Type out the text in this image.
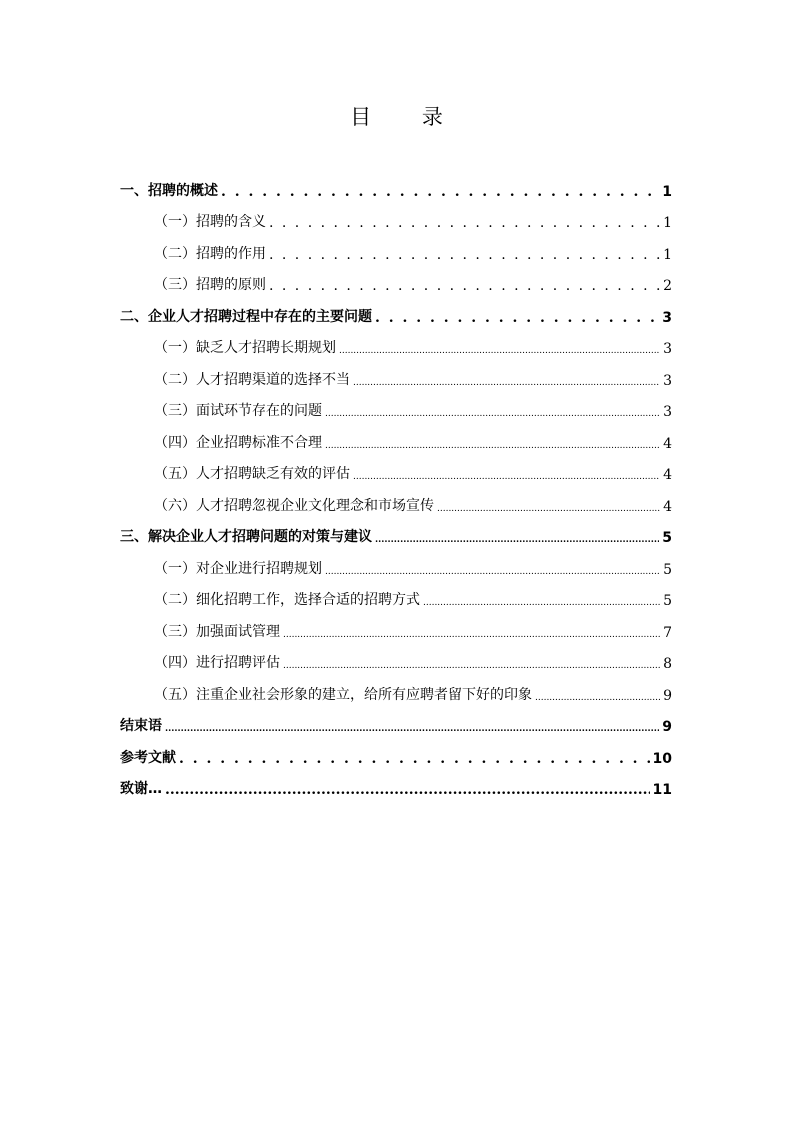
目 录
一、招聘的概述 . . .	1
（一）招聘的含义 . . .	1
（二）招聘的作用 . . .	1
（三）招聘的原则 . . .	2
二、企业人才招聘过程中存在的主要问题 . . .	3
（一）缺乏人才招聘长期规划 .....	3
（二）人才招聘渠道的选择不当 .....	3
（三）面试环节存在的问题 .....	3
（四）企业招聘标准不合理 .....	4
（五）人才招聘缺乏有效的评估 .....	4
（六）人才招聘忽视企业文化理念和市场宣传 .....	4
三、解决企业人才招聘问题的对策与建议 .....	5
（一）对企业进行招聘规划 .....	5
（二）细化招聘工作，选择合适的招聘方式 .....	5
（三）加强面试管理 .....	7
（四）进行招聘评估 .....	8
（五）注重企业社会形象的建立，给所有应聘者留下好的印象 .....	9
结束语 .....	9
参考文献 . . .	10
致谢… .....	11
